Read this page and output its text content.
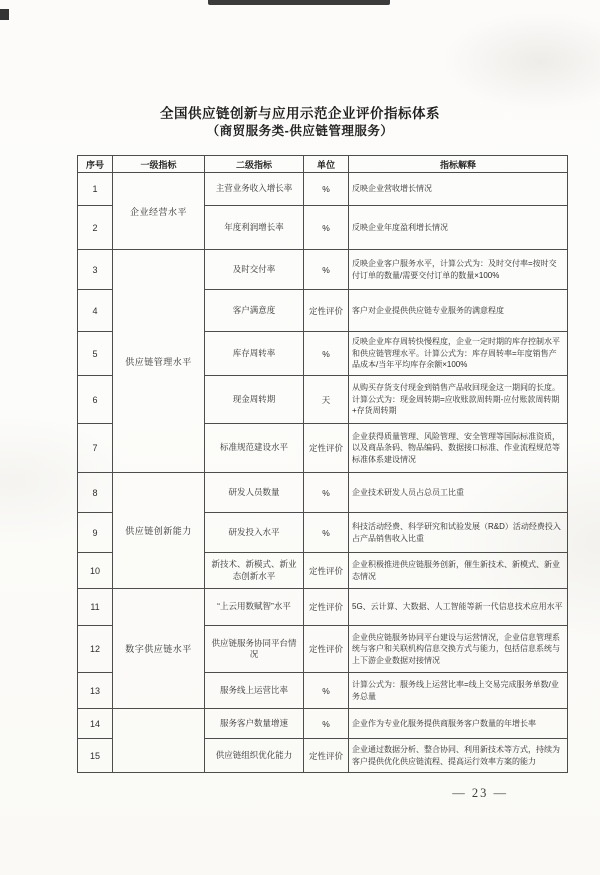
全国供应链创新与应用示范企业评价指标体系
（商贸服务类-供应链管理服务）
序号	一级指标	二级指标	单位	指标解释
1	企业经营水平	主营业务收入增长率	%	反映企业营收增长情况
2		年度利润增长率	%	反映企业年度盈利增长情况
3	供应链管理水平	及时交付率	%	反映企业客户服务水平，计算公式为：及时交付率=按时交付订单的数量/需要交付订单的数量×100%
4		客户满意度	定性评价	客户对企业提供供应链专业服务的满意程度
5		库存周转率	%	反映企业库存周转快慢程度，企业一定时期的库存控制水平和供应链管理水平。计算公式为：库存周转率=年度销售产品成本/当年平均库存余额×100%
6		现金周转期	天	从购买存货支付现金到销售产品收回现金这一期间的长度。计算公式为：现金周转期=应收账款周转期-应付账款周转期+存货周转期
7		标准规范建设水平	定性评价	企业获得质量管理、风险管理、安全管理等国际标准资质，以及商品条码、物品编码、数据接口标准、作业流程规范等标准体系建设情况
8	供应链创新能力	研发人员数量	%	企业技术研发人员占总员工比重
9		研发投入水平	%	科技活动经费、科学研究和试验发展（R&D）活动经费投入占产品销售收入比重
10		新技术、新模式、新业态创新水平	定性评价	企业积极推进供应链服务创新，催生新技术、新模式、新业态情况
11	数字供应链水平	“上云用数赋智”水平	定性评价	5G、云计算、大数据、人工智能等新一代信息技术应用水平
12		供应链服务协同平台情况	定性评价	企业供应链服务协同平台建设与运营情况，企业信息管理系统与客户和关联机构信息交换方式与能力，包括信息系统与上下游企业数据对接情况
13		服务线上运营比率	%	计算公式为：服务线上运营比率=线上交易完成服务单数/业务总量
14		服务客户数量增速	%	企业作为专业化服务提供商服务客户数量的年增长率
15		供应链组织优化能力	定性评价	企业通过数据分析、整合协同、利用新技术等方式，持续为客户提供优化供应链流程、提高运行效率方案的能力
— 23 —
